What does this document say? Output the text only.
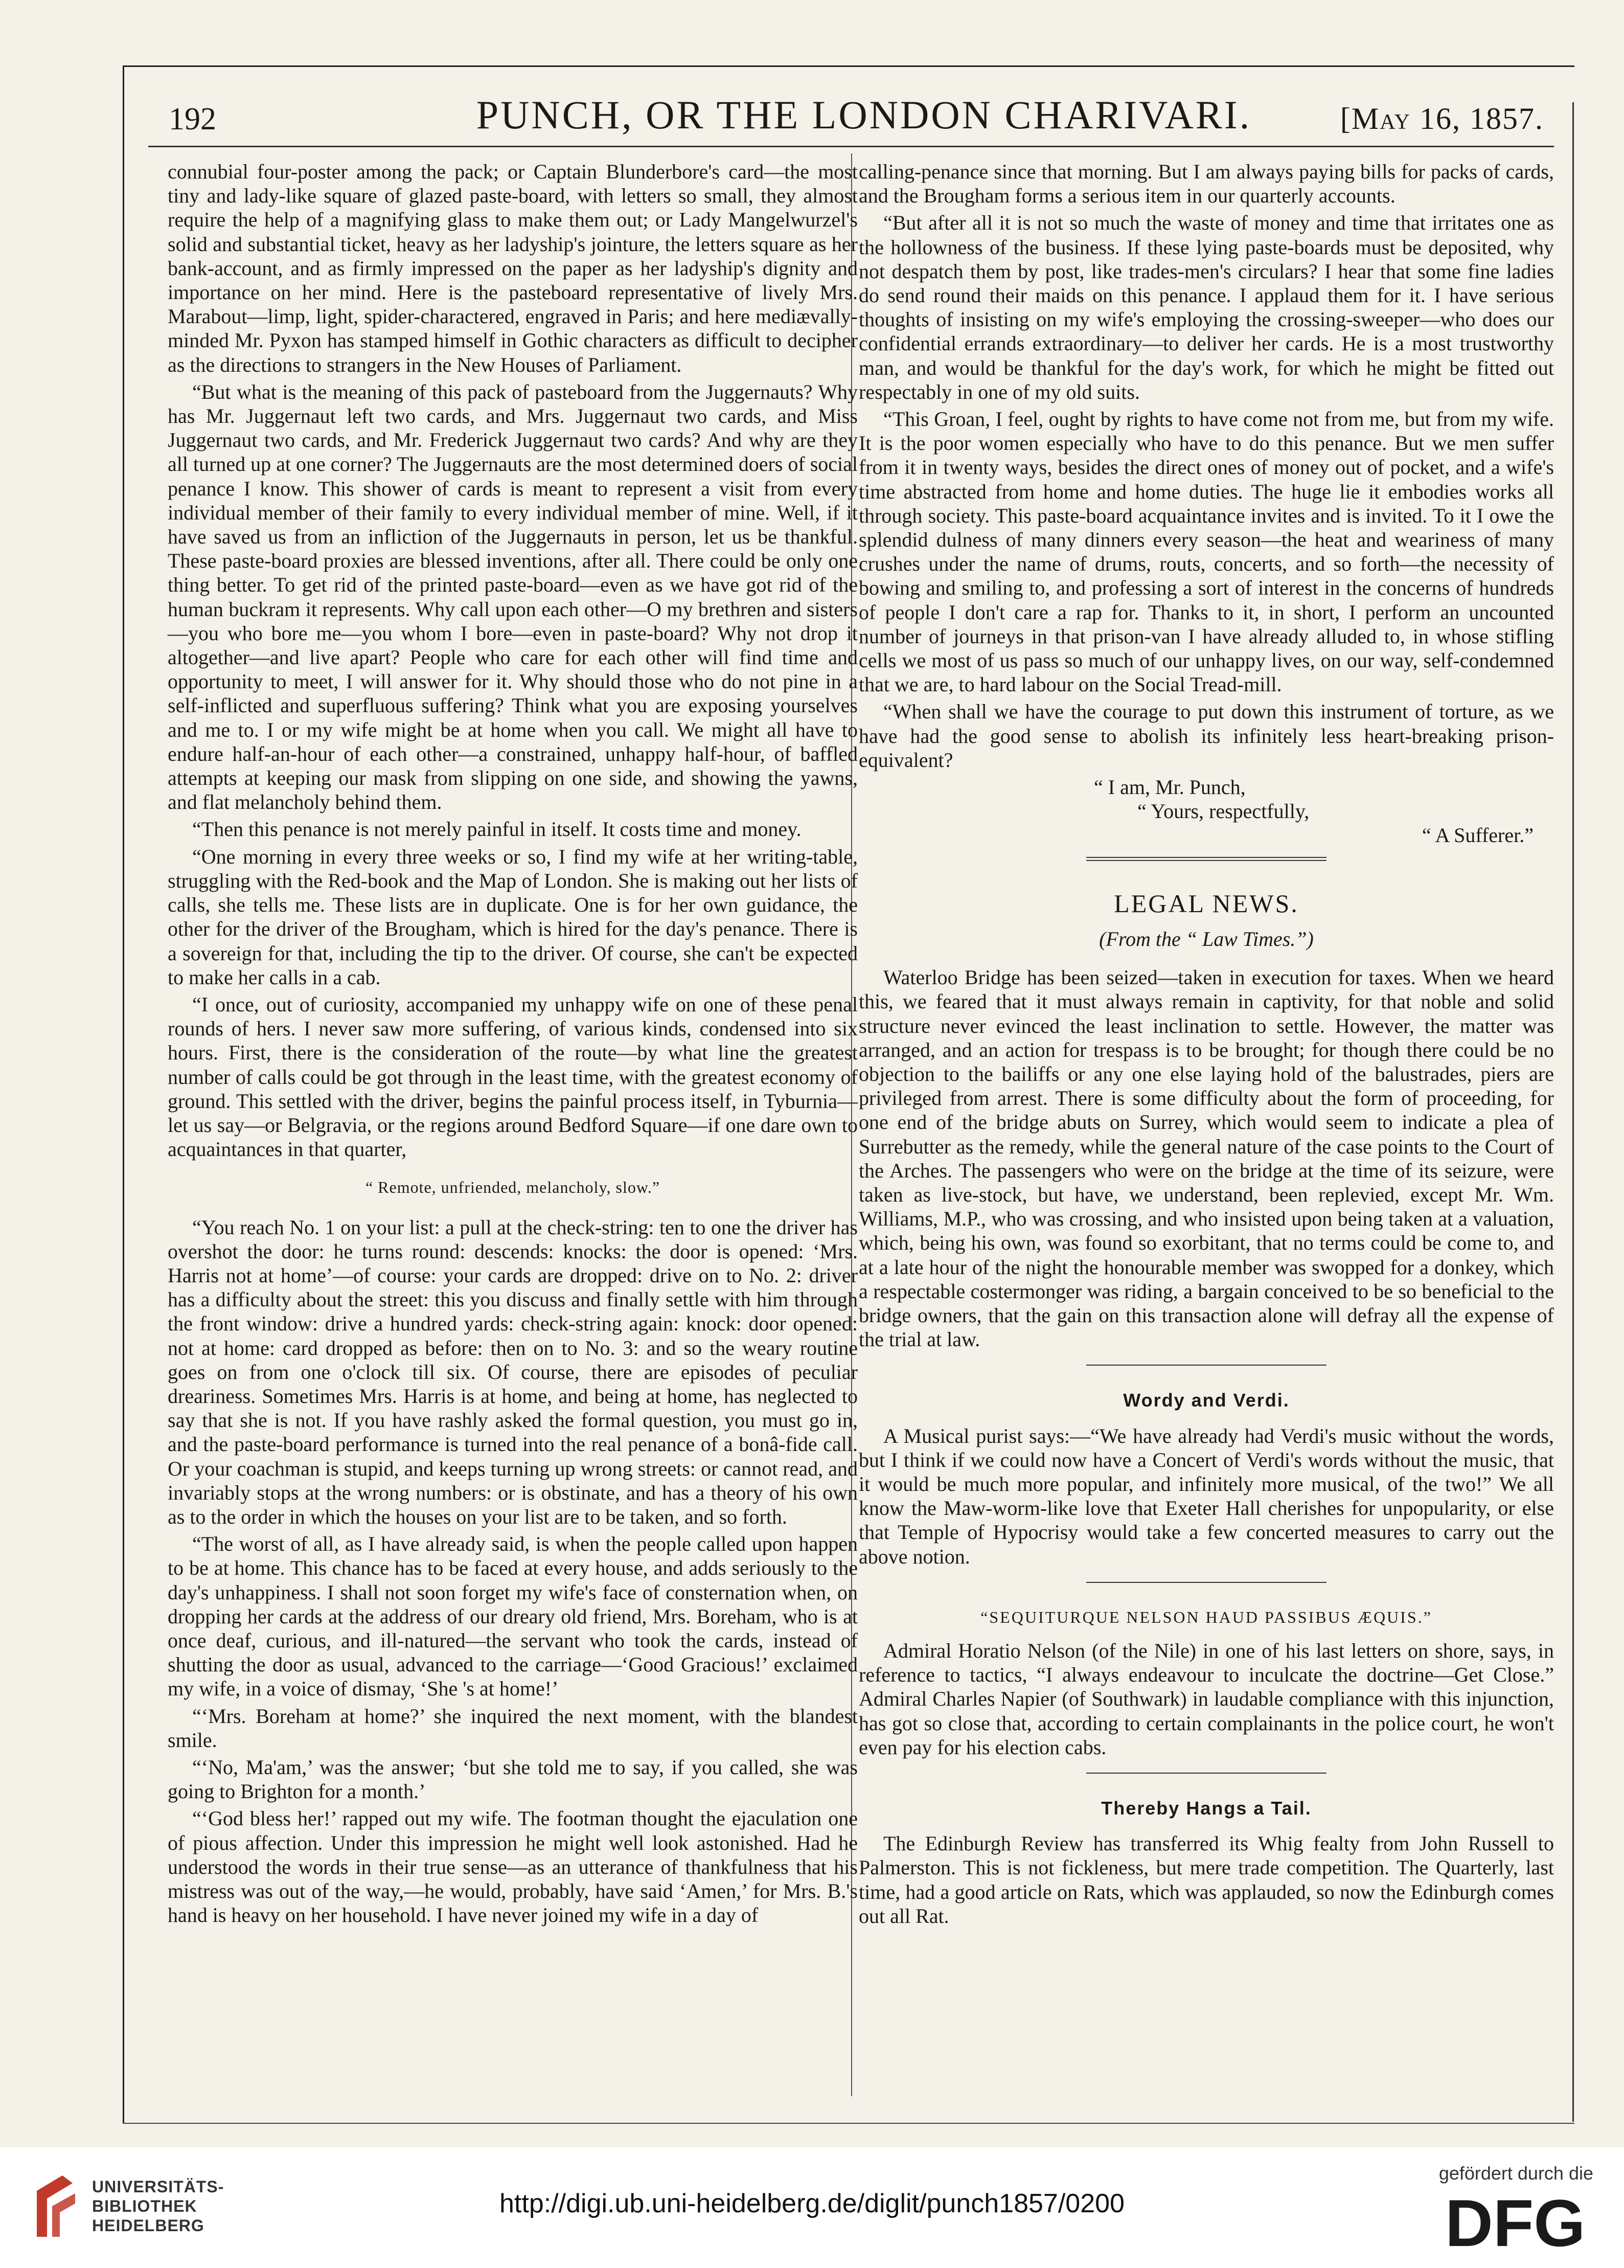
192	PUNCH, OR THE LONDON CHARIVARI.	[May 16, 1857.

connubial four-poster among the pack; or Captain Blunderbore's card—the most tiny and lady-like square of glazed paste-board, with letters so small, they almost require the help of a magnifying glass to make them out; or Lady Mangelwurzel's solid and substantial ticket, heavy as her ladyship's jointure, the letters square as her bank-account, and as firmly impressed on the paper as her ladyship's dignity and importance on her mind. Here is the pasteboard representative of lively Mrs. Marabout—limp, light, spider-charactered, engraved in Paris; and here mediævally-minded Mr. Pyxon has stamped himself in Gothic characters as difficult to decipher as the directions to strangers in the New Houses of Parliament.

“But what is the meaning of this pack of pasteboard from the Juggernauts? Why has Mr. Juggernaut left two cards, and Mrs. Juggernaut two cards, and Miss Juggernaut two cards, and Mr. Frederick Juggernaut two cards? And why are they all turned up at one corner? The Juggernauts are the most determined doers of social penance I know. This shower of cards is meant to represent a visit from every individual member of their family to every individual member of mine. Well, if it have saved us from an infliction of the Juggernauts in person, let us be thankful. These paste-board proxies are blessed inventions, after all. There could be only one thing better. To get rid of the printed paste-board—even as we have got rid of the human buckram it represents. Why call upon each other—O my brethren and sisters—you who bore me—you whom I bore—even in paste-board? Why not drop it altogether—and live apart? People who care for each other will find time and opportunity to meet, I will answer for it. Why should those who do not pine in a self-inflicted and superfluous suffering? Think what you are exposing yourselves and me to. I or my wife might be at home when you call. We might all have to endure half-an-hour of each other—a constrained, unhappy half-hour, of baffled attempts at keeping our mask from slipping on one side, and showing the yawns, and flat melancholy behind them.

“Then this penance is not merely painful in itself. It costs time and money.

“One morning in every three weeks or so, I find my wife at her writing-table, struggling with the Red-book and the Map of London. She is making out her lists of calls, she tells me. These lists are in duplicate. One is for her own guidance, the other for the driver of the Brougham, which is hired for the day's penance. There is a sovereign for that, including the tip to the driver. Of course, she can't be expected to make her calls in a cab.

“I once, out of curiosity, accompanied my unhappy wife on one of these penal rounds of hers. I never saw more suffering, of various kinds, condensed into six hours. First, there is the consideration of the route—by what line the greatest number of calls could be got through in the least time, with the greatest economy of ground. This settled with the driver, begins the painful process itself, in Tyburnia—let us say—or Belgravia, or the regions around Bedford Square—if one dare own to acquaintances in that quarter,

“ Remote, unfriended, melancholy, slow.”

“You reach No. 1 on your list: a pull at the check-string: ten to one the driver has overshot the door: he turns round: descends: knocks: the door is opened: ‘Mrs. Harris not at home’—of course: your cards are dropped: drive on to No. 2: driver has a difficulty about the street: this you discuss and finally settle with him through the front window: drive a hundred yards: check-string again: knock: door opened: not at home: card dropped as before: then on to No. 3: and so the weary routine goes on from one o'clock till six. Of course, there are episodes of peculiar dreariness. Sometimes Mrs. Harris is at home, and being at home, has neglected to say that she is not. If you have rashly asked the formal question, you must go in, and the paste-board performance is turned into the real penance of a bonâ-fide call. Or your coachman is stupid, and keeps turning up wrong streets: or cannot read, and invariably stops at the wrong numbers: or is obstinate, and has a theory of his own as to the order in which the houses on your list are to be taken, and so forth.

“The worst of all, as I have already said, is when the people called upon happen to be at home. This chance has to be faced at every house, and adds seriously to the day's unhappiness. I shall not soon forget my wife's face of consternation when, on dropping her cards at the address of our dreary old friend, Mrs. Boreham, who is at once deaf, curious, and ill-natured—the servant who took the cards, instead of shutting the door as usual, advanced to the carriage—‘Good Gracious!’ exclaimed my wife, in a voice of dismay, ‘She 's at home!’

“‘Mrs. Boreham at home?’ she inquired the next moment, with the blandest smile.

“‘No, Ma'am,’ was the answer; ‘but she told me to say, if you called, she was going to Brighton for a month.’

“‘God bless her!’ rapped out my wife. The footman thought the ejaculation one of pious affection. Under this impression he might well look astonished. Had he understood the words in their true sense—as an utterance of thankfulness that his mistress was out of the way,—he would, probably, have said ‘Amen,’ for Mrs. B.'s hand is heavy on her household. I have never joined my wife in a day of

calling-penance since that morning. But I am always paying bills for packs of cards, and the Brougham forms a serious item in our quarterly accounts.

“But after all it is not so much the waste of money and time that irritates one as the hollowness of the business. If these lying paste-boards must be deposited, why not despatch them by post, like trades-men's circulars? I hear that some fine ladies do send round their maids on this penance. I applaud them for it. I have serious thoughts of insisting on my wife's employing the crossing-sweeper—who does our confidential errands extraordinary—to deliver her cards. He is a most trustworthy man, and would be thankful for the day's work, for which he might be fitted out respectably in one of my old suits.

“This Groan, I feel, ought by rights to have come not from me, but from my wife. It is the poor women especially who have to do this penance. But we men suffer from it in twenty ways, besides the direct ones of money out of pocket, and a wife's time abstracted from home and home duties. The huge lie it embodies works all through society. This paste-board acquaintance invites and is invited. To it I owe the splendid dulness of many dinners every season—the heat and weariness of many crushes under the name of drums, routs, concerts, and so forth—the necessity of bowing and smiling to, and professing a sort of interest in the concerns of hundreds of people I don't care a rap for. Thanks to it, in short, I perform an uncounted number of journeys in that prison-van I have already alluded to, in whose stifling cells we most of us pass so much of our unhappy lives, on our way, self-condemned that we are, to hard labour on the Social Tread-mill.

“When shall we have the courage to put down this instrument of torture, as we have had the good sense to abolish its infinitely less heart-breaking prison-equivalent?

“ I am, Mr. Punch,

“ Yours, respectfully,

“ A Sufferer.”

LEGAL NEWS.
(From the “ Law Times.”)

Waterloo Bridge has been seized—taken in execution for taxes. When we heard this, we feared that it must always remain in captivity, for that noble and solid structure never evinced the least inclination to settle. However, the matter was arranged, and an action for trespass is to be brought; for though there could be no objection to the bailiffs or any one else laying hold of the balustrades, piers are privileged from arrest. There is some difficulty about the form of proceeding, for one end of the bridge abuts on Surrey, which would seem to indicate a plea of Surrebutter as the remedy, while the general nature of the case points to the Court of the Arches. The passengers who were on the bridge at the time of its seizure, were taken as live-stock, but have, we understand, been replevied, except Mr. Wm. Williams, M.P., who was crossing, and who insisted upon being taken at a valuation, which, being his own, was found so exorbitant, that no terms could be come to, and at a late hour of the night the honourable member was swopped for a donkey, which a respectable costermonger was riding, a bargain conceived to be so beneficial to the bridge owners, that the gain on this transaction alone will defray all the expense of the trial at law.

Wordy and Verdi.

A Musical purist says:—“We have already had Verdi's music without the words, but I think if we could now have a Concert of Verdi's words without the music, that it would be much more popular, and infinitely more musical, of the two!” We all know the Maw-worm-like love that Exeter Hall cherishes for unpopularity, or else that Temple of Hypocrisy would take a few concerted measures to carry out the above notion.

“SEQUITURQUE NELSON HAUD PASSIBUS ÆQUIS.”

Admiral Horatio Nelson (of the Nile) in one of his last letters on shore, says, in reference to tactics, “I always endeavour to inculcate the doctrine—Get Close.” Admiral Charles Napier (of Southwark) in laudable compliance with this injunction, has got so close that, according to certain complainants in the police court, he won't even pay for his election cabs.

Thereby Hangs a Tail.

The Edinburgh Review has transferred its Whig fealty from John Russell to Palmerston. This is not fickleness, but mere trade competition. The Quarterly, last time, had a good article on Rats, which was applauded, so now the Edinburgh comes out all Rat.

UNIVERSITÄTS-
BIBLIOTHEK
HEIDELBERG
http://digi.ub.uni-heidelberg.de/diglit/punch1857/0200
gefördert durch die
DFG
